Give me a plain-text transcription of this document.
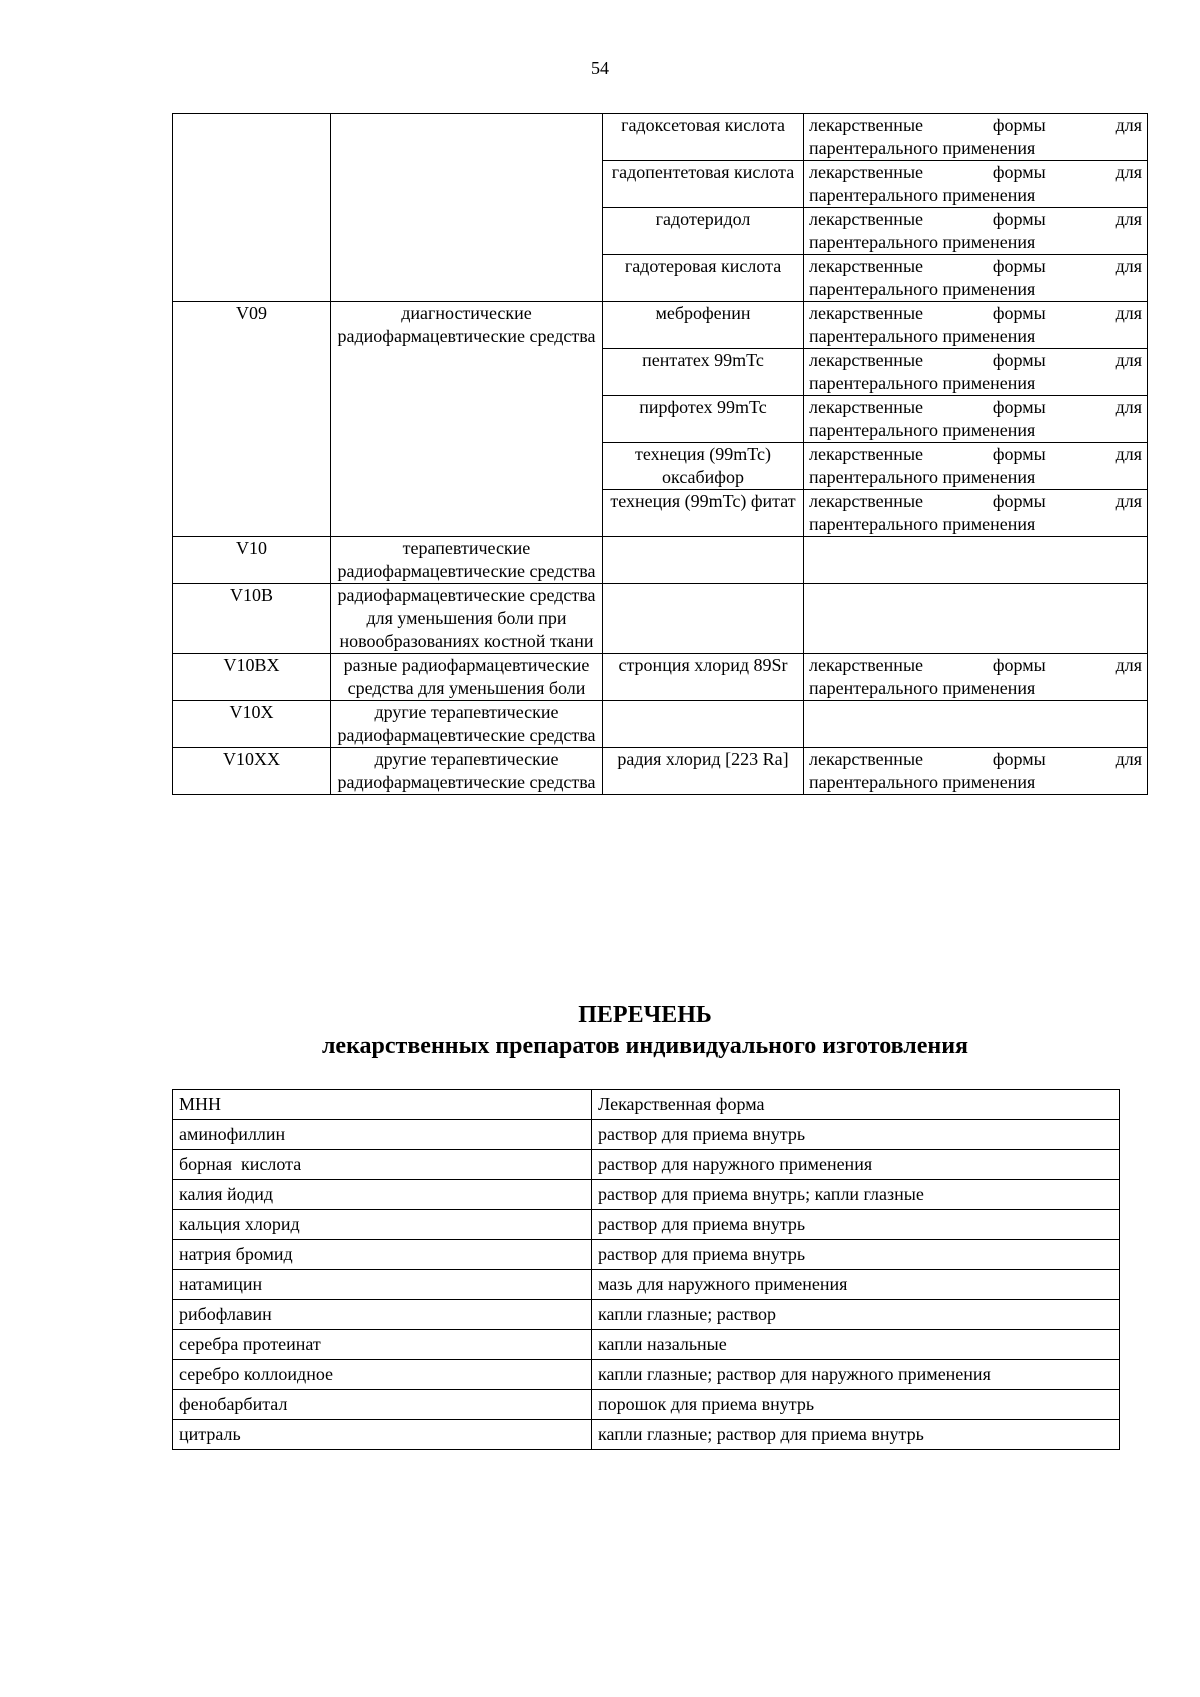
54
		гадоксетовая кислота	лекарственные формы для
парентерального применения

		гадопентетовая кислота	лекарственные формы для
парентерального применения

		гадотеридол	лекарственные формы для
парентерального применения

		гадотеровая кислота	лекарственные формы для
парентерального применения

V09	диагностические радиофармацевтические средства	меброфенин	лекарственные формы для
парентерального применения

		пентатех 99mTc	лекарственные формы для
парентерального применения

		пирфотех 99mTc	лекарственные формы для
парентерального применения

		технеция (99mTc) оксабифор	лекарственные формы для
парентерального применения

		технеция (99mTc) фитат	лекарственные формы для
парентерального применения

V10	терапевтические радиофармацевтические средства		
V10B	радиофармацевтические средства для уменьшения боли при новообразованиях костной ткани		
V10BX	разные радиофармацевтические средства для уменьшения боли	стронция хлорид 89Sr	лекарственные формы для
парентерального применения

V10X	другие терапевтические радиофармацевтические средства		
V10XX	другие терапевтические радиофармацевтические средства	радия хлорид [223 Ra]	лекарственные формы для
парентерального применения
ПЕРЕЧЕНЬ
лекарственных препаратов индивидуального изготовления
МНН	Лекарственная форма
аминофиллин	раствор для приема внутрь
борная  кислота	раствор для наружного применения
калия йодид	раствор для приема внутрь; капли глазные
кальция хлорид	раствор для приема внутрь
натрия бромид	раствор для приема внутрь
натамицин	мазь для наружного применения
рибофлавин	капли глазные; раствор
серебра протеинат	капли назальные
серебро коллоидное	капли глазные; раствор для наружного применения
фенобарбитал	порошок для приема внутрь
цитраль	капли глазные; раствор для приема внутрь
